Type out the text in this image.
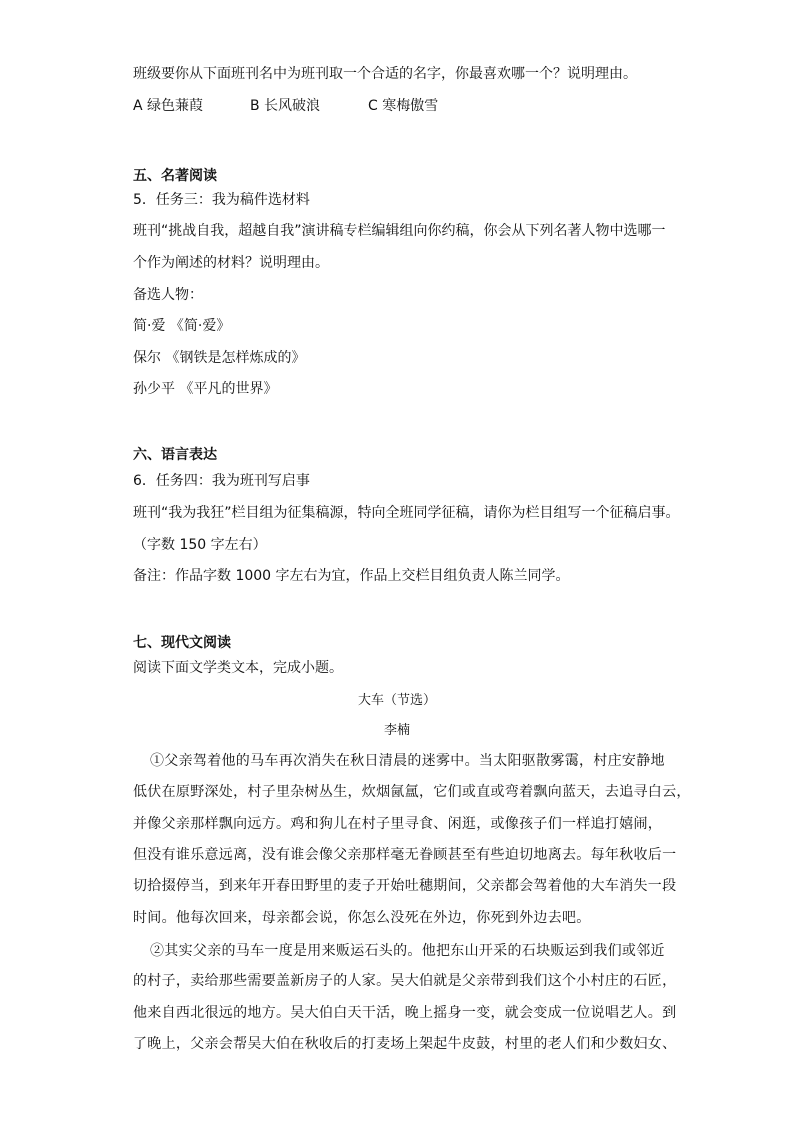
班级要你从下面班刊名中为班刊取一个合适的名字，你最喜欢哪一个？说明理由。
A 绿色蒹葭	B 长风破浪	C 寒梅傲雪
五、名著阅读
5．任务三：我为稿件选材料
班刊“挑战自我，超越自我”演讲稿专栏编辑组向你约稿，你会从下列名著人物中选哪一
个作为阐述的材料？说明理由。
备选人物：
简·爱 《简·爱》
保尔 《钢铁是怎样炼成的》
孙少平 《平凡的世界》
六、语言表达
6．任务四：我为班刊写启事
班刊“我为我狂”栏目组为征集稿源，特向全班同学征稿，请你为栏目组写一个征稿启事。
（字数 150 字左右）
备注：作品字数 1000 字左右为宜，作品上交栏目组负责人陈兰同学。
七、现代文阅读
阅读下面文学类文本，完成小题。
大车（节选）
李楠
①父亲驾着他的马车再次消失在秋日清晨的迷雾中。当太阳驱散雾霭，村庄安静地
低伏在原野深处，村子里杂树丛生，炊烟氤氲，它们或直或弯着飘向蓝天，去追寻白云，
并像父亲那样飘向远方。鸡和狗儿在村子里寻食、闲逛，或像孩子们一样追打嬉闹，
但没有谁乐意远离，没有谁会像父亲那样毫无眷顾甚至有些迫切地离去。每年秋收后一
切拾掇停当，到来年开春田野里的麦子开始吐穗期间，父亲都会驾着他的大车消失一段
时间。他每次回来，母亲都会说，你怎么没死在外边，你死到外边去吧。
②其实父亲的马车一度是用来贩运石头的。他把东山开采的石块贩运到我们或邻近
的村子，卖给那些需要盖新房子的人家。吴大伯就是父亲带到我们这个小村庄的石匠，
他来自西北很远的地方。吴大伯白天干活，晚上摇身一变，就会变成一位说唱艺人。到
了晚上，父亲会帮吴大伯在秋收后的打麦场上架起牛皮鼓，村里的老人们和少数妇女、
